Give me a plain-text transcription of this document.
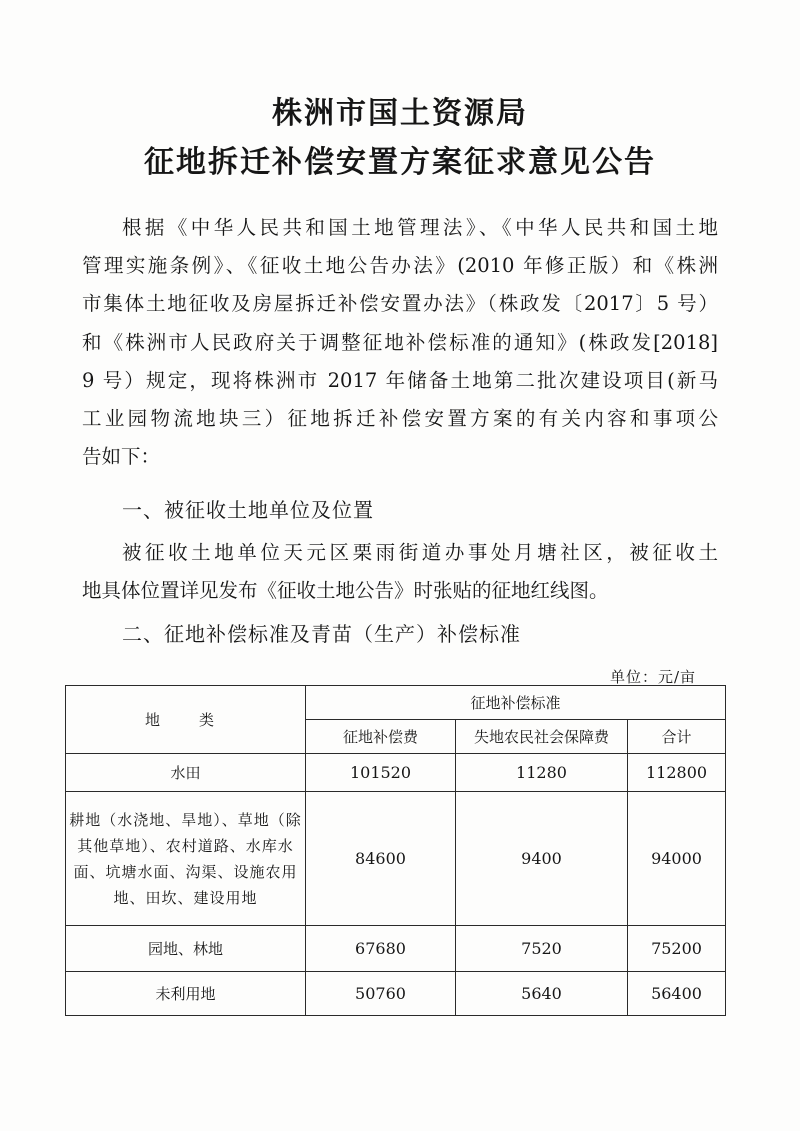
株洲市国土资源局
征地拆迁补偿安置方案征求意见公告
根据《中华人民共和国土地管理法》、《中华人民共和国土地
管理实施条例》、《征收土地公告办法》(2010 年修正版）和《株洲
市集体土地征收及房屋拆迁补偿安置办法》（株政发〔2017〕5 号）
和《株洲市人民政府关于调整征地补偿标准的通知》(株政发[2018]
9 号）规定，现将株洲市 2017 年储备土地第二批次建设项目(新马
工业园物流地块三）征地拆迁补偿安置方案的有关内容和事项公
告如下：
一、被征收土地单位及位置
被征收土地单位天元区栗雨街道办事处月塘社区，被征收土
地具体位置详见发布《征收土地公告》时张贴的征地红线图。
二、征地补偿标准及青苗（生产）补偿标准
单位：元/亩
地　类	征地补偿标准		
	征地补偿费	失地农民社会保障费	合计
水田	101520	11280	112800

耕地（水浇地、旱地）、草地（除
其他草地）、农村道路、水库水
面、坑塘水面、沟渠、设施农用
地、田坎、建设用地	84600	9400	94000
园地、林地	67680	7520	75200
未利用地	50760	5640	56400
